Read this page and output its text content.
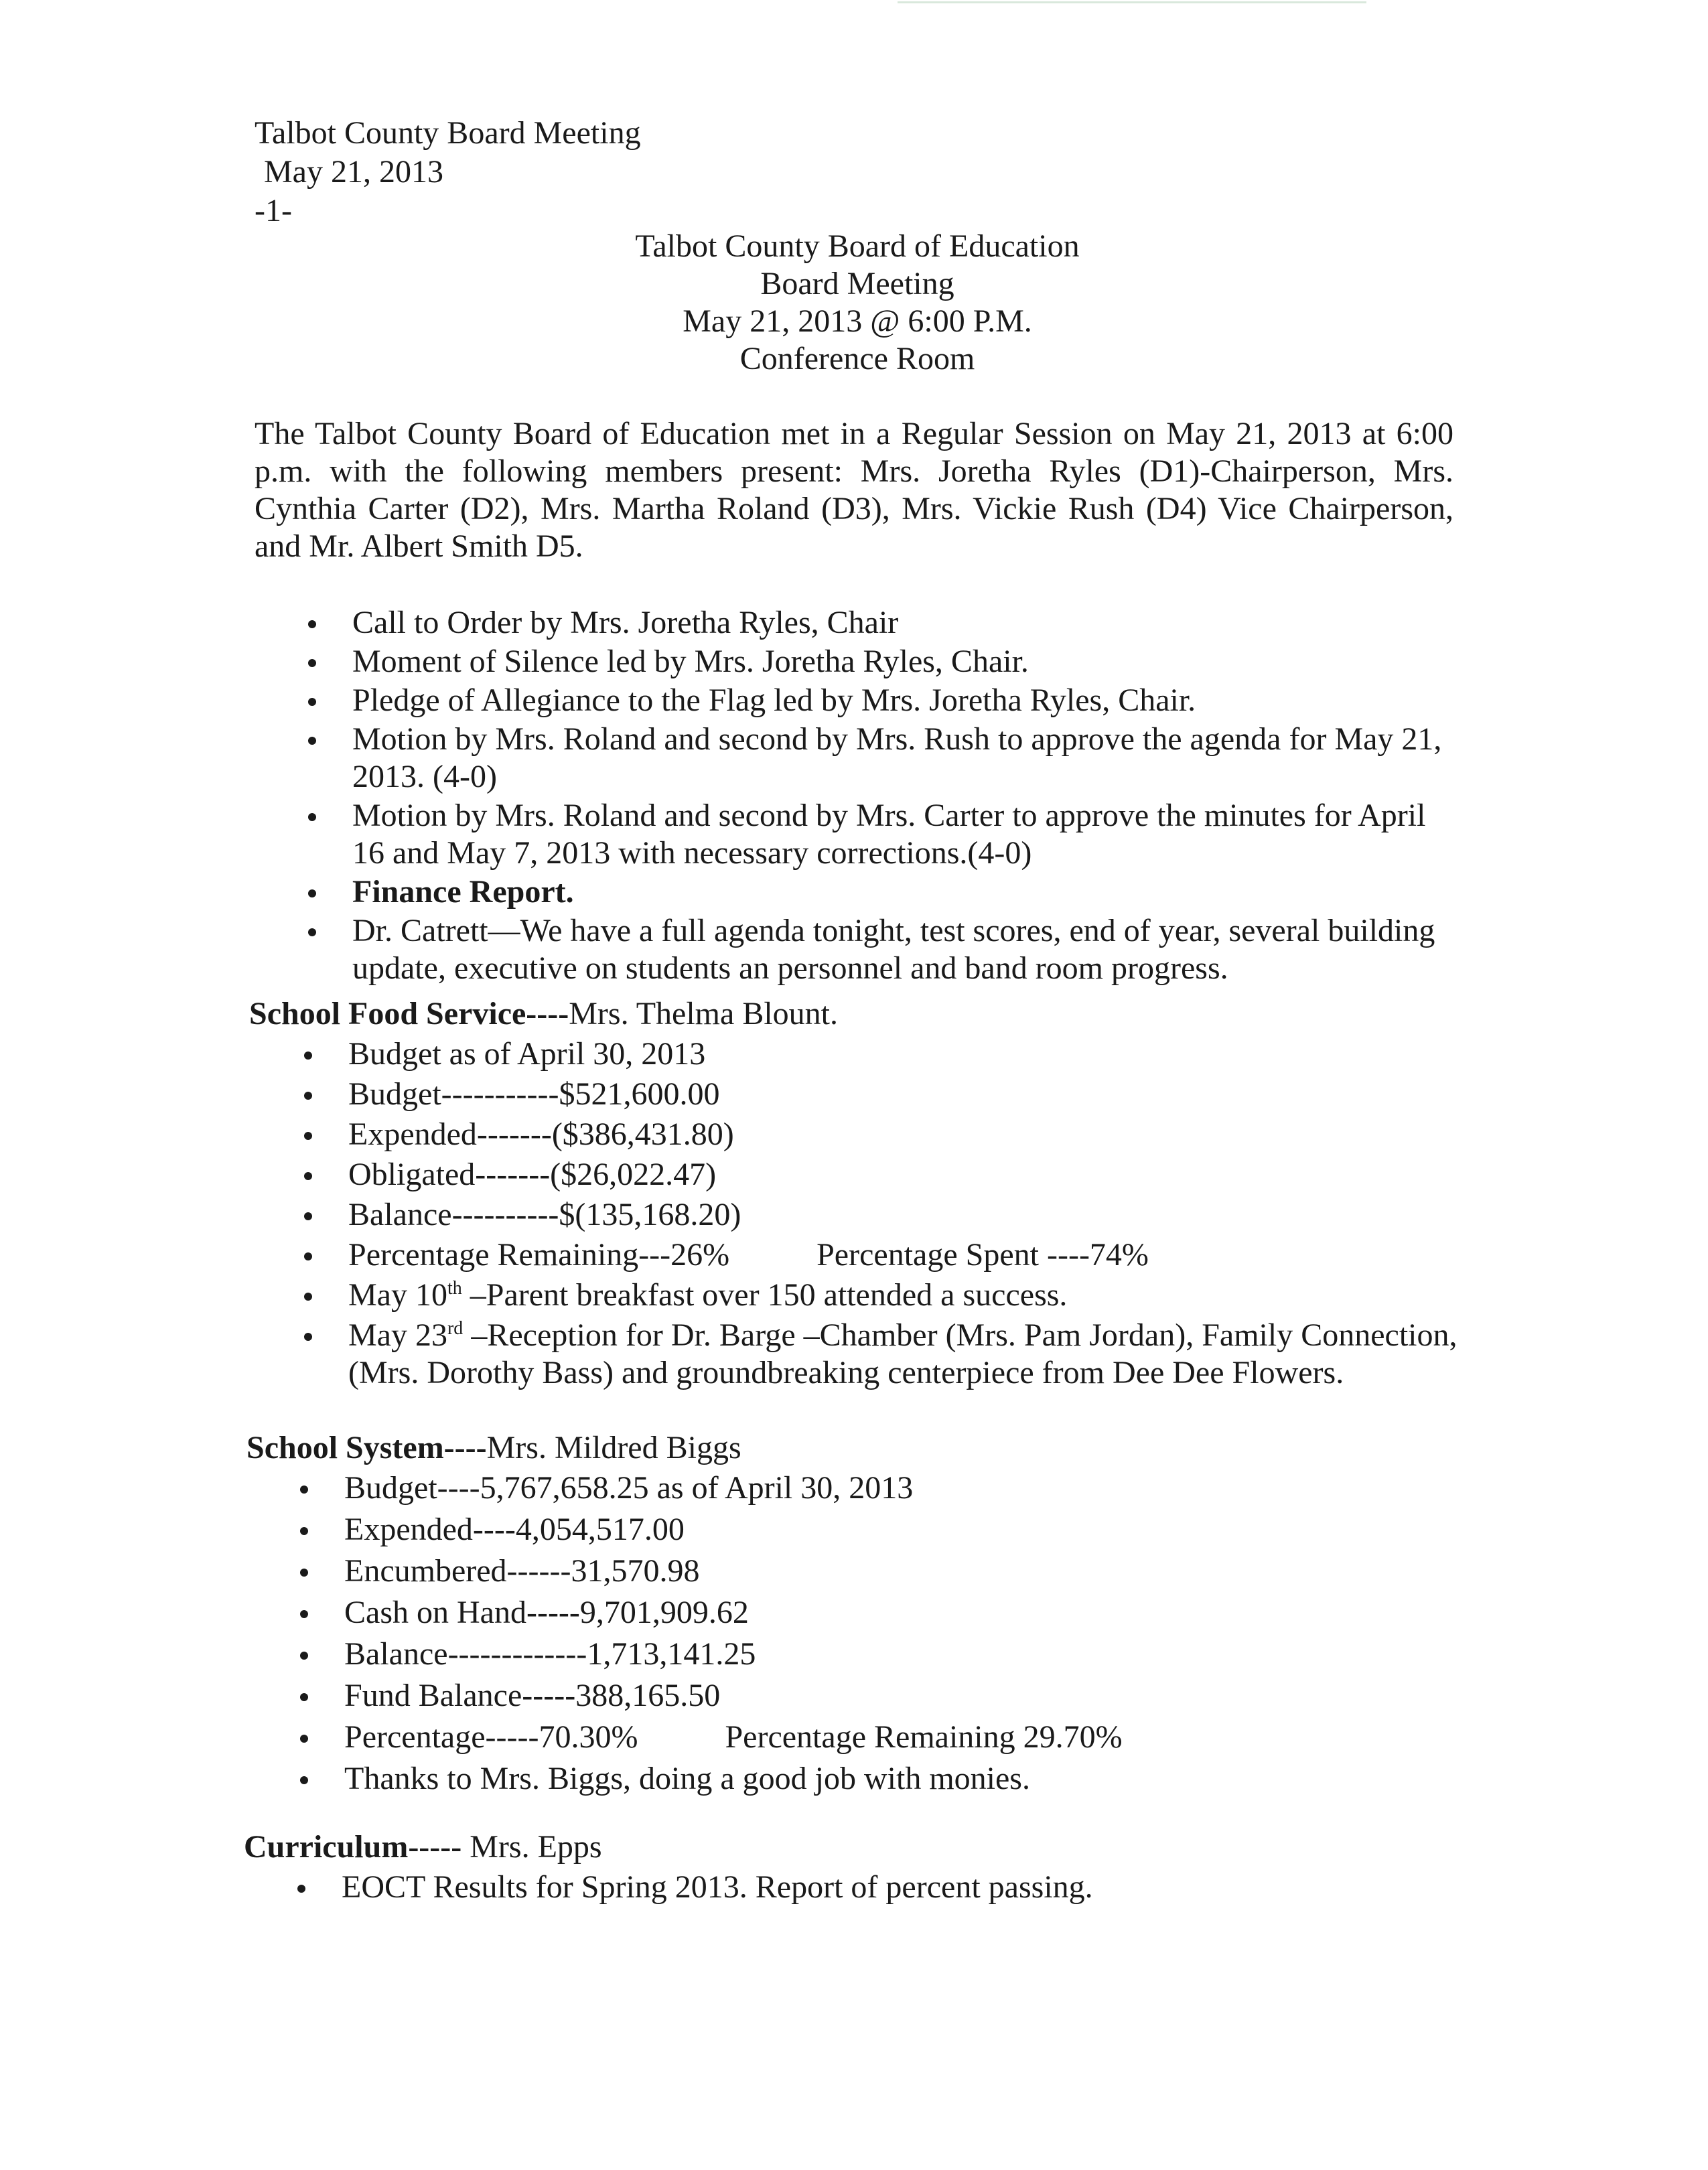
Talbot County Board Meeting
May 21, 2013
-1-
Talbot County Board of Education
Board Meeting
May 21, 2013 @ 6:00 P.M.
Conference Room
The Talbot County Board of Education met in a Regular Session on May 21, 2013 at 6:00 p.m. with the following members present: Mrs. Joretha Ryles (D1)-Chairperson, Mrs. Cynthia Carter (D2), Mrs. Martha Roland (D3), Mrs. Vickie Rush (D4) Vice Chairperson, and Mr. Albert Smith D5.
Call to Order by Mrs. Joretha Ryles, Chair
Moment of Silence led by Mrs. Joretha Ryles, Chair.
Pledge of Allegiance to the Flag led by Mrs. Joretha Ryles, Chair.
Motion by Mrs. Roland and second by Mrs. Rush to approve the agenda for May 21, 2013. (4-0)
Motion by Mrs. Roland and second by Mrs. Carter to approve the minutes for April 16 and May 7, 2013 with necessary corrections.(4-0)
Finance Report.
Dr. Catrett—We have a full agenda tonight, test scores, end of year, several building update, executive on students an personnel and band room progress.
School Food Service----Mrs. Thelma Blount.
Budget as of April 30, 2013
Budget-----------$521,600.00
Expended-------($386,431.80)
Obligated-------($26,022.47)
Balance----------$(135,168.20)
Percentage Remaining---26%	Percentage Spent ----74%
May 10th –Parent breakfast over 150 attended a success.
May 23rd –Reception for Dr. Barge –Chamber (Mrs. Pam Jordan), Family Connection, (Mrs. Dorothy Bass) and groundbreaking centerpiece from Dee Dee Flowers.
School System----Mrs. Mildred Biggs
Budget----5,767,658.25 as of April 30, 2013
Expended----4,054,517.00
Encumbered------31,570.98
Cash on Hand-----9,701,909.62
Balance-------------1,713,141.25
Fund Balance-----388,165.50
Percentage-----70.30%	Percentage Remaining 29.70%
Thanks to Mrs. Biggs, doing a good job with monies.
Curriculum----- Mrs. Epps
EOCT Results for Spring 2013. Report of percent passing.
